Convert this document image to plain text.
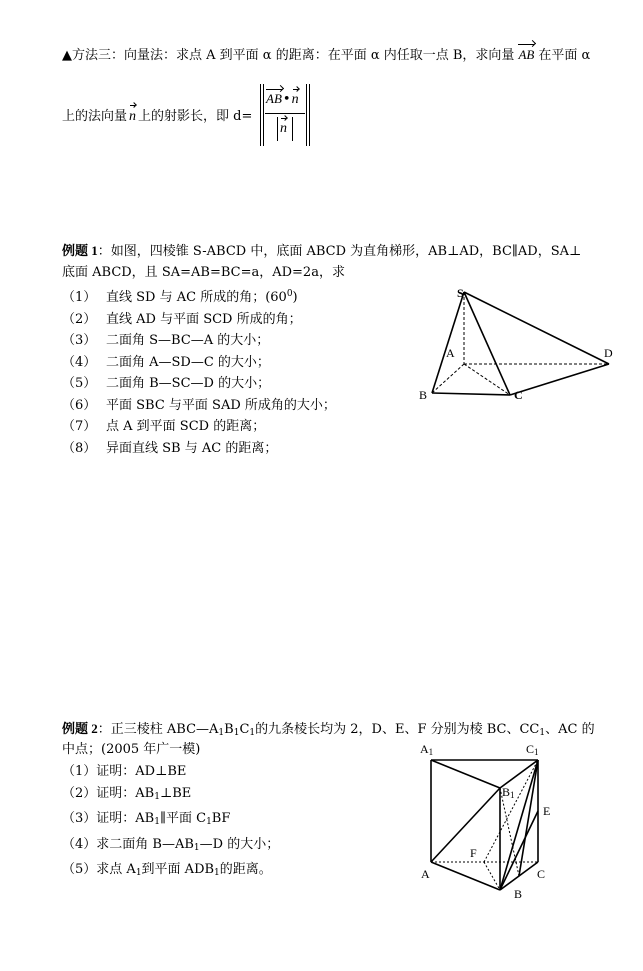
▲方法三：向量法：求点 A 到平面 α 的距离：在平面 α 内任取一点 B，求向量 AB 在平面 α
上的法向量 n 上的射影长，即 d=
AB•n
n
例题 1：如图，四棱锥 S-ABCD 中，底面 ABCD 为直角梯形，AB⊥AD，BC∥AD，SA⊥
底面 ABCD，且 SA=AB=BC=a，AD=2a，求
（1） 直线 SD 与 AC 所成的角；$(60^0)$
（2） 直线 AD 与平面 SCD 所成的角；
（3） 二面角 S—BC—A 的大小；
（4） 二面角 A—SD—C 的大小；
（5） 二面角 B—SC—D 的大小；
（6） 平面 SBC 与平面 SAD 所成角的大小；
（7） 点 A 到平面 SCD 的距离；
（8） 异面直线 SB 与 AC 的距离；
S
A
B	C
D
例题 2：正三棱柱 $ABC—A_1B_1C_1$的九条棱长均为 2，D、E、F 分别为棱 BC、$CC_1$、AC 的
中点；(2005 年广一模)
（1）证明：AD⊥BE
（2）证明：$AB_1\perp BE$
（3）证明：$AB_1\parallel$平面 $C_1BF$
（4）求二面角 $B—AB_1—D$ 的大小；
（5）求点 $A_1$到平面 $ADB_1$的距离。
$A_1$	$C_1$
$B_1$
E
F
A	C
B
